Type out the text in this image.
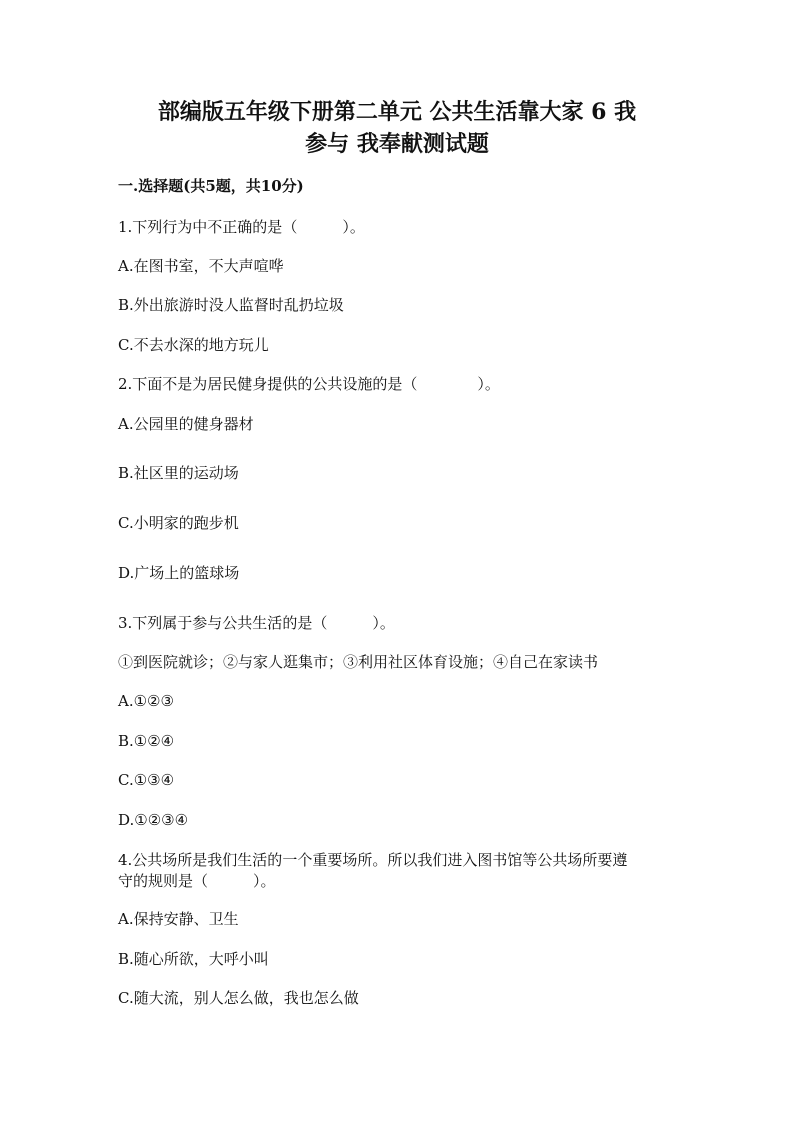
部编版五年级下册第二单元 公共生活靠大家 6 我
参与 我奉献测试题

一.选择题(共5题，共10分)

1.下列行为中不正确的是（　　　）。

A.在图书室，不大声喧哗

B.外出旅游时没人监督时乱扔垃圾

C.不去水深的地方玩儿

2.下面不是为居民健身提供的公共设施的是（　　　　）。

A.公园里的健身器材

B.社区里的运动场

C.小明家的跑步机

D.广场上的篮球场

3.下列属于参与公共生活的是（　　　）。

①到医院就诊；②与家人逛集市；③利用社区体育设施；④自己在家读书

A.①②③

B.①②④

C.①③④

D.①②③④

4.公共场所是我们生活的一个重要场所。所以我们进入图书馆等公共场所要遵

守的规则是（　　　）。

A.保持安静、卫生

B.随心所欲，大呼小叫

C.随大流，别人怎么做，我也怎么做
